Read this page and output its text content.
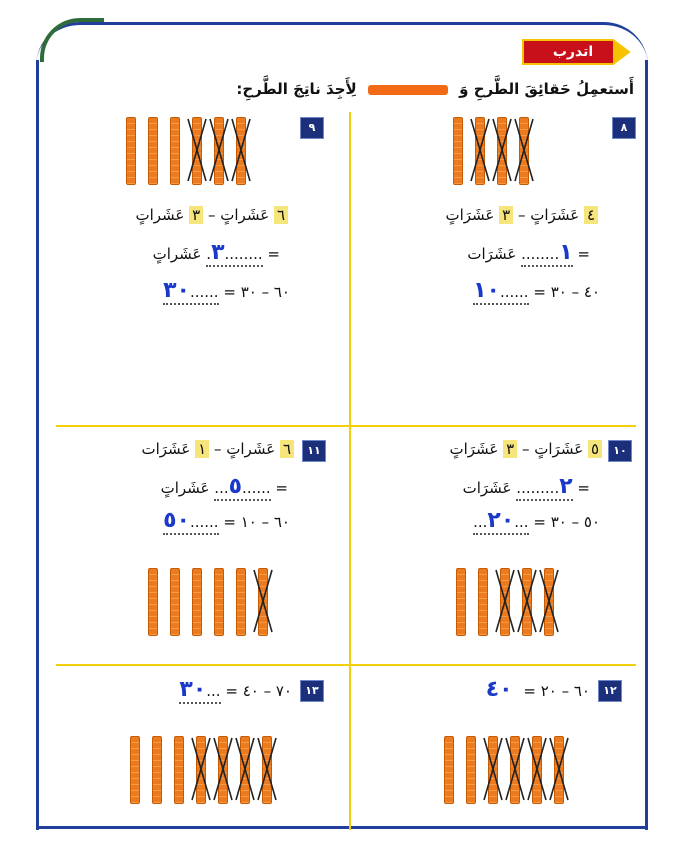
اتدرب
أَستعمِلُ حَقائِقَ الطَّرحِ وَ  لِأَجِدَ ناتِجَ الطَّرحِ:
٨
٤ عَشَرَاتٍ – ٣ عَشَرَاتٍ
= ١........ عَشَرَات
٤٠ – ٣٠ = ......١٠
٩
٦ عَشَراتٍ – ٣ عَشَراتٍ
= ........٣. عَشَراتٍ
٦٠ – ٣٠ = ......٣٠
١٠
٥ عَشَرَاتٍ – ٣ عَشَرَاتٍ
= ٢......... عَشَرَات
٥٠ – ٣٠ = ...٢٠...
١١
٦ عَشَراتٍ – ١ عَشَرَات
= ......٥... عَشَراتٍ
٦٠ – ١٠ = ......٥٠
١٢
٦٠ – ٢٠ = ٤٠
١٣
٧٠ – ٤٠ = ...٣٠
